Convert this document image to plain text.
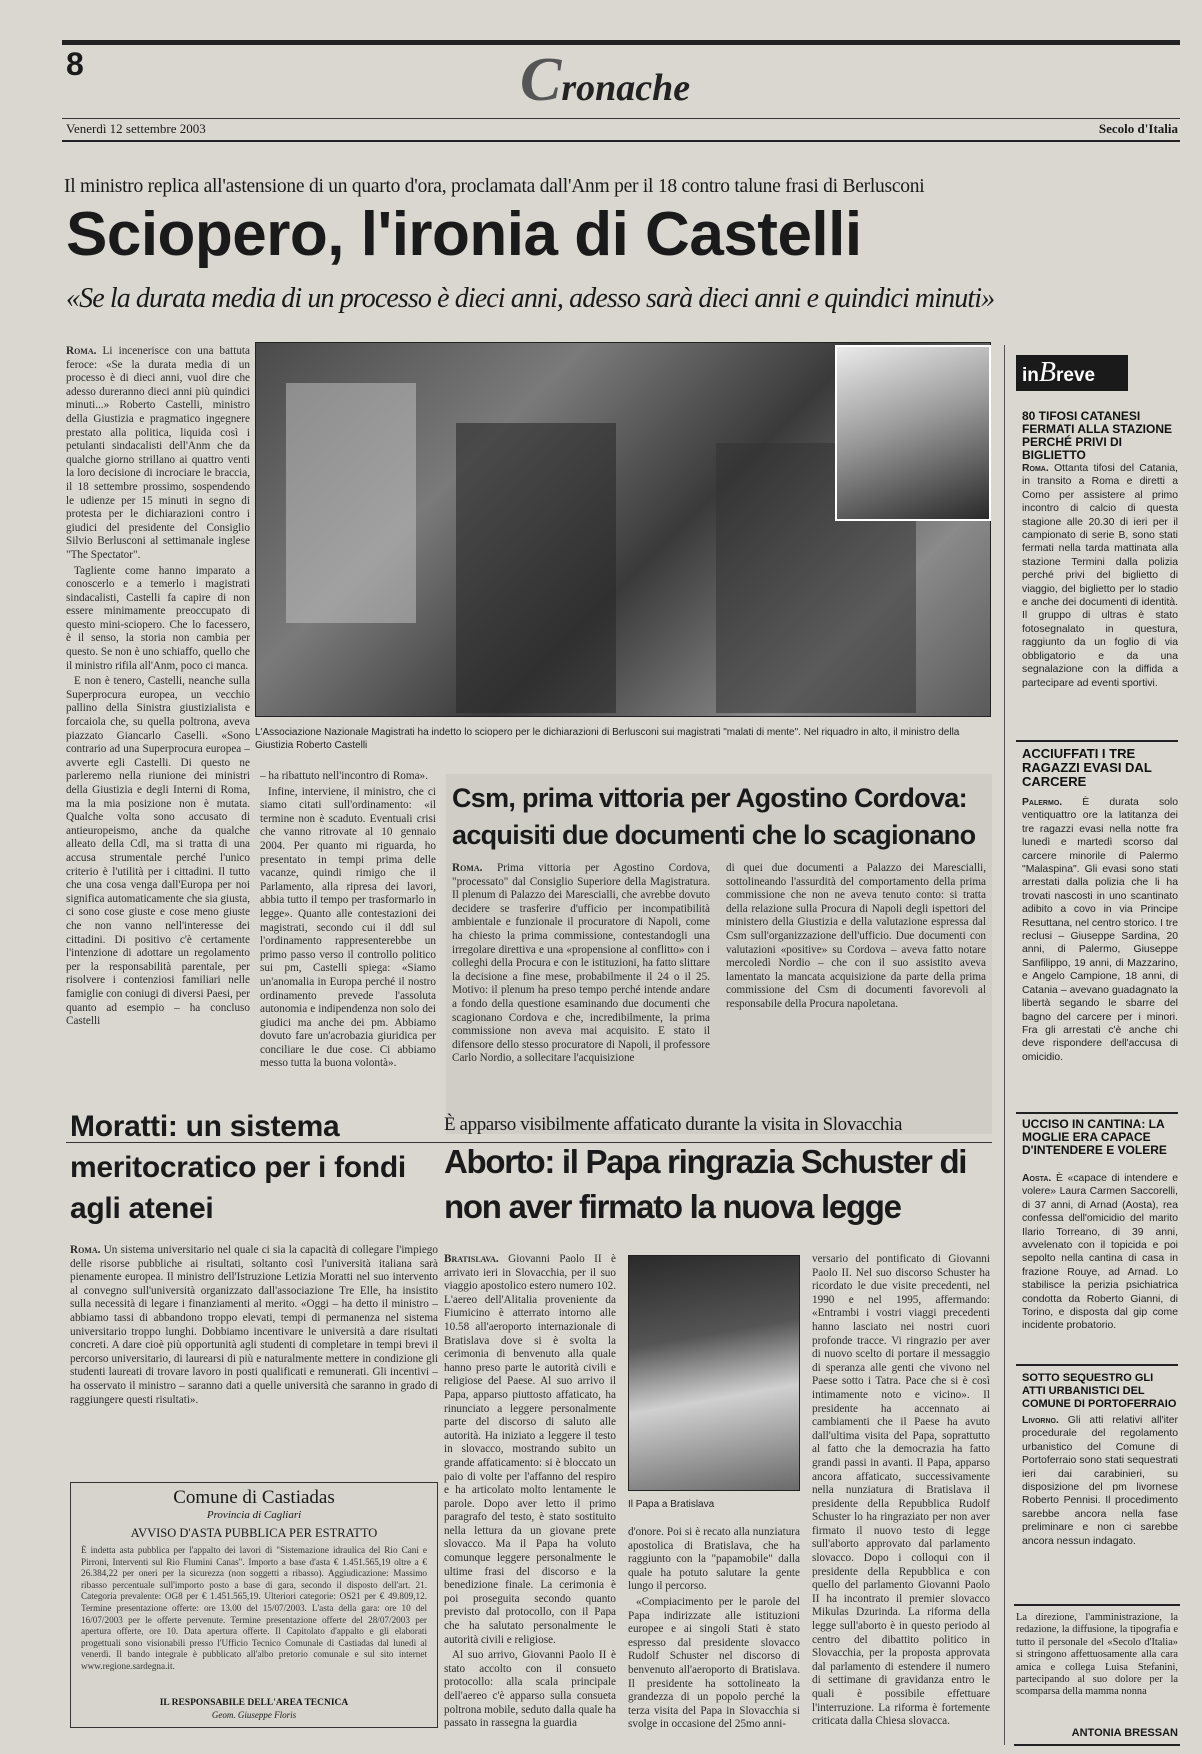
8	Cronache
Venerdì 12 settembre 2003	Secolo d'Italia
Il ministro replica all'astensione di un quarto d'ora, proclamata dall'Anm per il 18 contro talune frasi di Berlusconi
Sciopero, l'ironia di Castelli
«Se la durata media di un processo è dieci anni, adesso sarà dieci anni e quindici minuti»

Roma. Li incenerisce con una battuta feroce: «Se la durata media di un processo è di dieci anni, vuol dire che adesso dureranno dieci anni più quindici minuti...» Roberto Castelli, ministro della Giustizia e pragmatico ingegnere prestato alla politica, liquida così i petulanti sindacalisti dell'Anm che da qualche giorno strillano ai quattro venti la loro decisione di incrociare le braccia, il 18 settembre prossimo, sospendendo le udienze per 15 minuti in segno di protesta per le dichiarazioni contro i giudici del presidente del Consiglio Silvio Berlusconi al settimanale inglese "The Spectator".

Tagliente come hanno imparato a conoscerlo e a temerlo i magistrati sindacalisti, Castelli fa capire di non essere minimamente preoccupato di questo mini-sciopero. Che lo facessero, è il senso, la storia non cambia per questo. Se non è uno schiaffo, quello che il ministro rifila all'Anm, poco ci manca.

E non è tenero, Castelli, neanche sulla Superprocura europea, un vecchio pallino della Sinistra giustizialista e forcaiola che, su quella poltrona, aveva piazzato Giancarlo Caselli. «Sono contrario ad una Superprocura europea – avverte egli Castelli. Di questo ne parleremo nella riunione dei ministri della Giustizia e degli Interni di Roma, ma la mia posizione non è mutata. Qualche volta sono accusato di antieuropeismo, anche da qualche alleato della Cdl, ma si tratta di una accusa strumentale perché l'unico criterio è l'utilità per i cittadini. Il tutto che una cosa venga dall'Europa per noi significa automaticamente che sia giusta, ci sono cose giuste e cose meno giuste che non vanno nell'interesse dei cittadini. Di positivo c'è certamente l'intenzione di adottare un regolamento per la responsabilità parentale, per risolvere i contenziosi familiari nelle famiglie con coniugi di diversi Paesi, per quanto ad esempio – ha concluso Castelli

L'Associazione Nazionale Magistrati ha indetto lo sciopero per le dichiarazioni di Berlusconi sui magistrati "malati di mente". Nel riquadro in alto, il ministro della Giustizia Roberto Castelli

– ha ribattuto nell'incontro di Roma».

Infine, interviene, il ministro, che ci siamo citati sull'ordinamento: «il termine non è scaduto. Eventuali crisi che vanno ritrovate al 10 gennaio 2004. Per quanto mi riguarda, ho presentato in tempi prima delle vacanze, quindi rimigo che il Parlamento, alla ripresa dei lavori, abbia tutto il tempo per trasformarlo in legge». Quanto alle contestazioni dei magistrati, secondo cui il ddl sul l'ordinamento rappresenterebbe un primo passo verso il controllo politico sui pm, Castelli spiega: «Siamo un'anomalia in Europa perché il nostro ordinamento prevede l'assoluta autonomia e indipendenza non solo dei giudici ma anche dei pm. Abbiamo dovuto fare un'acrobazia giuridica per conciliare le due cose. Ci abbiamo messo tutta la buona volontà».

Csm, prima vittoria per Agostino Cordova: acquisiti due documenti che lo scagionano

Roma. Prima vittoria per Agostino Cordova, "processato" dal Consiglio Superiore della Magistratura. Il plenum di Palazzo dei Marescialli, che avrebbe dovuto decidere se trasferire d'ufficio per incompatibilità ambientale e funzionale il procuratore di Napoli, come ha chiesto la prima commissione, contestandogli una irregolare direttiva e una «propensione al conflitto» con i colleghi della Procura e con le istituzioni, ha fatto slittare la decisione a fine mese, probabilmente il 24 o il 25. Motivo: il plenum ha preso tempo perché intende andare a fondo della questione esaminando due documenti che scagionano Cordova e che, incredibilmente, la prima commissione non aveva mai acquisito. E stato il difensore dello stesso procuratore di Napoli, il professore Carlo Nordio, a sollecitare l'acquisizione

di quei due documenti a Palazzo dei Marescialli, sottolineando l'assurdità del comportamento della prima commissione che non ne aveva tenuto conto: si tratta della relazione sulla Procura di Napoli degli ispettori del ministero della Giustizia e della valutazione espressa dal Csm sull'organizzazione dell'ufficio. Due documenti con valutazioni «positive» su Cordova – aveva fatto notare mercoledì Nordio – che con il suo assistito aveva lamentato la mancata acquisizione da parte della prima commissione del Csm di documenti favorevoli al responsabile della Procura napoletana.

Moratti: un sistema meritocratico per i fondi agli atenei

Roma. Un sistema universitario nel quale ci sia la capacità di collegare l'impiego delle risorse pubbliche ai risultati, soltanto così l'università italiana sarà pienamente europea. Il ministro dell'Istruzione Letizia Moratti nel suo intervento al convegno sull'università organizzato dall'associazione Tre Elle, ha insistito sulla necessità di legare i finanziamenti al merito. «Oggi – ha detto il ministro – abbiamo tassi di abbandono troppo elevati, tempi di permanenza nel sistema universitario troppo lunghi. Dobbiamo incentivare le università a dare risultati concreti. A dare cioè più opportunità agli studenti di completare in tempi brevi il percorso universitario, di laurearsi di più e naturalmente mettere in condizione gli studenti laureati di trovare lavoro in posti qualificati e remunerati. Gli incentivi – ha osservato il ministro – saranno dati a quelle università che saranno in grado di raggiungere questi risultati».

Comune di Castiadas
Provincia di Cagliari
AVVISO D'ASTA PUBBLICA PER ESTRATTO
È indetta asta pubblica per l'appalto dei lavori di "Sistemazione idraulica del Rio Cani e Pirroni, Interventi sul Rio Flumini Canas". Importo a base d'asta € 1.451.565,19 oltre a € 26.384,22 per oneri per la sicurezza (non soggetti a ribasso). Aggiudicazione: Massimo ribasso percentuale sull'importo posto a base di gara, secondo il disposto dell'art. 21. Categoria prevalente: OG8 per € 1.451.565,19. Ulteriori categorie: OS21 per € 49.809,12. Termine presentazione offerte: ore 13.00 del 15/07/2003. L'asta della gara: ore 10 del 16/07/2003 per le offerte pervenute. Termine presentazione offerte del 28/07/2003 per apertura offerte, ore 10. Data apertura offerte. Il Capitolato d'appalto e gli elaborati progettuali sono visionabili presso l'Ufficio Tecnico Comunale di Castiadas dal lunedì al venerdì. Il bando integrale è pubblicato all'albo pretorio comunale e sul sito internet www.regione.sardegna.it.
IL RESPONSABILE DELL'AREA TECNICA
Geom. Giuseppe Floris
È apparso visibilmente affaticato durante la visita in Slovacchia
Aborto: il Papa ringrazia Schuster di non aver firmato la nuova legge

Bratislava. Giovanni Paolo II è arrivato ieri in Slovacchia, per il suo viaggio apostolico estero numero 102. L'aereo dell'Alitalia proveniente da Fiumicino è atterrato intorno alle 10.58 all'aeroporto internazionale di Bratislava dove si è svolta la cerimonia di benvenuto alla quale hanno preso parte le autorità civili e religiose del Paese. Al suo arrivo il Papa, apparso piuttosto affaticato, ha rinunciato a leggere personalmente parte del discorso di saluto alle autorità. Ha iniziato a leggere il testo in slovacco, mostrando subito un grande affaticamento: si è bloccato un paio di volte per l'affanno del respiro e ha articolato molto lentamente le parole. Dopo aver letto il primo paragrafo del testo, è stato sostituito nella lettura da un giovane prete slovacco. Ma il Papa ha voluto comunque leggere personalmente le ultime frasi del discorso e la benedizione finale. La cerimonia è poi proseguita secondo quanto previsto dal protocollo, con il Papa che ha salutato personalmente le autorità civili e religiose.

Al suo arrivo, Giovanni Paolo II è stato accolto con il consueto protocollo: alla scala principale dell'aereo c'è apparso sulla consueta poltrona mobile, seduto dalla quale ha passato in rassegna la guardia

Il Papa a Bratislava

d'onore. Poi si è recato alla nunziatura apostolica di Bratislava, che ha raggiunto con la "papamobile" dalla quale ha potuto salutare la gente lungo il percorso.

«Compiacimento per le parole del Papa indirizzate alle istituzioni europee e ai singoli Stati è stato espresso dal presidente slovacco Rudolf Schuster nel discorso di benvenuto all'aeroporto di Bratislava. Il presidente ha sottolineato la grandezza di un popolo perché la terza visita del Papa in Slovacchia si svolge in occasione del 25mo anni-

versario del pontificato di Giovanni Paolo II. Nel suo discorso Schuster ha ricordato le due visite precedenti, nel 1990 e nel 1995, affermando: «Entrambi i vostri viaggi precedenti hanno lasciato nei nostri cuori profonde tracce. Vi ringrazio per aver di nuovo scelto di portare il messaggio di speranza alle genti che vivono nel Paese sotto i Tatra. Pace che si è così intimamente noto e vicino». Il presidente ha accennato ai cambiamenti che il Paese ha avuto dall'ultima visita del Papa, soprattutto al fatto che la democrazia ha fatto grandi passi in avanti. Il Papa, apparso ancora affaticato, successivamente nella nunziatura di Bratislava il presidente della Repubblica Rudolf Schuster lo ha ringraziato per non aver firmato il nuovo testo di legge sull'aborto approvato dal parlamento slovacco. Dopo i colloqui con il presidente della Repubblica e con quello del parlamento Giovanni Paolo II ha incontrato il premier slovacco Mikulas Dzurinda. La riforma della legge sull'aborto è in questo periodo al centro del dibattito politico in Slovacchia, per la proposta approvata dal parlamento di estendere il numero di settimane di gravidanza entro le quali è possibile effettuare l'interruzione. La riforma è fortemente criticata dalla Chiesa slovacca.

inBreve
80 TIFOSI CATANESI FERMATI ALLA STAZIONE PERCHÉ PRIVI DI BIGLIETTO
Roma. Ottanta tifosi del Catania, in transito a Roma e diretti a Como per assistere al primo incontro di calcio di questa stagione alle 20.30 di ieri per il campionato di serie B, sono stati fermati nella tarda mattinata alla stazione Termini dalla polizia perché privi del biglietto di viaggio, del biglietto per lo stadio e anche dei documenti di identità. Il gruppo di ultras è stato fotosegnalato in questura, raggiunto da un foglio di via obbligatorio e da una segnalazione con la diffida a partecipare ad eventi sportivi.
ACCIUFFATI I TRE RAGAZZI EVASI DAL CARCERE
Palermo. È durata solo ventiquattro ore la latitanza dei tre ragazzi evasi nella notte fra lunedì e martedì scorso dal carcere minorile di Palermo "Malaspina". Gli evasi sono stati arrestati dalla polizia che li ha trovati nascosti in uno scantinato adibito a covo in via Principe Resuttana, nel centro storico. I tre reclusi – Giuseppe Sardina, 20 anni, di Palermo, Giuseppe Sanfilippo, 19 anni, di Mazzarino, e Angelo Campione, 18 anni, di Catania – avevano guadagnato la libertà segando le sbarre del bagno del carcere per i minori. Fra gli arrestati c'è anche chi deve rispondere dell'accusa di omicidio.
UCCISO IN CANTINA: LA MOGLIE ERA CAPACE D'INTENDERE E VOLERE
Aosta. È «capace di intendere e volere» Laura Carmen Saccorelli, di 37 anni, di Arnad (Aosta), rea confessa dell'omicidio del marito Ilario Torreano, di 39 anni, avvelenato con il topicida e poi sepolto nella cantina di casa in frazione Rouye, ad Arnad. Lo stabilisce la perizia psichiatrica condotta da Roberto Gianni, di Torino, e disposta dal gip come incidente probatorio.
SOTTO SEQUESTRO GLI ATTI URBANISTICI DEL COMUNE DI PORTOFERRAIO
Livorno. Gli atti relativi all'iter procedurale del regolamento urbanistico del Comune di Portoferraio sono stati sequestrati ieri dai carabinieri, su disposizione del pm livornese Roberto Pennisi. Il procedimento sarebbe ancora nella fase preliminare e non ci sarebbe ancora nessun indagato.
La direzione, l'amministrazione, la redazione, la diffusione, la tipografia e tutto il personale del «Secolo d'Italia» si stringono affettuosamente alla cara amica e collega Luisa Stefanini, partecipando al suo dolore per la scomparsa della mamma nonna
ANTONIA BRESSAN
